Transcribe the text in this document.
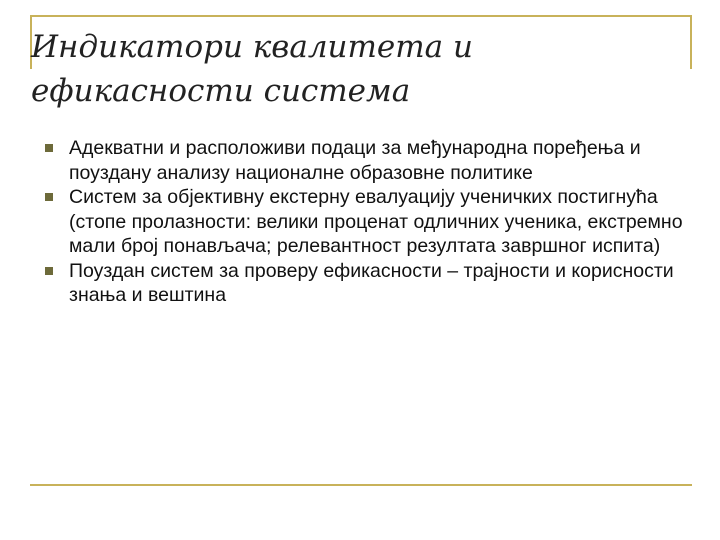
Индикатори квалитета и ефикасности система
Адекватни и расположиви подаци за међународна поређења и поуздану анализу националне образовне политике
Систем за објективну екстерну евалуацију ученичких постигнућа (стопе пролазности: велики проценат одличних ученика, екстремно мали број понављача; релевантност резултата завршног испита)
Поуздан систем за проверу ефикасности – трајности и корисности знања и вештина
